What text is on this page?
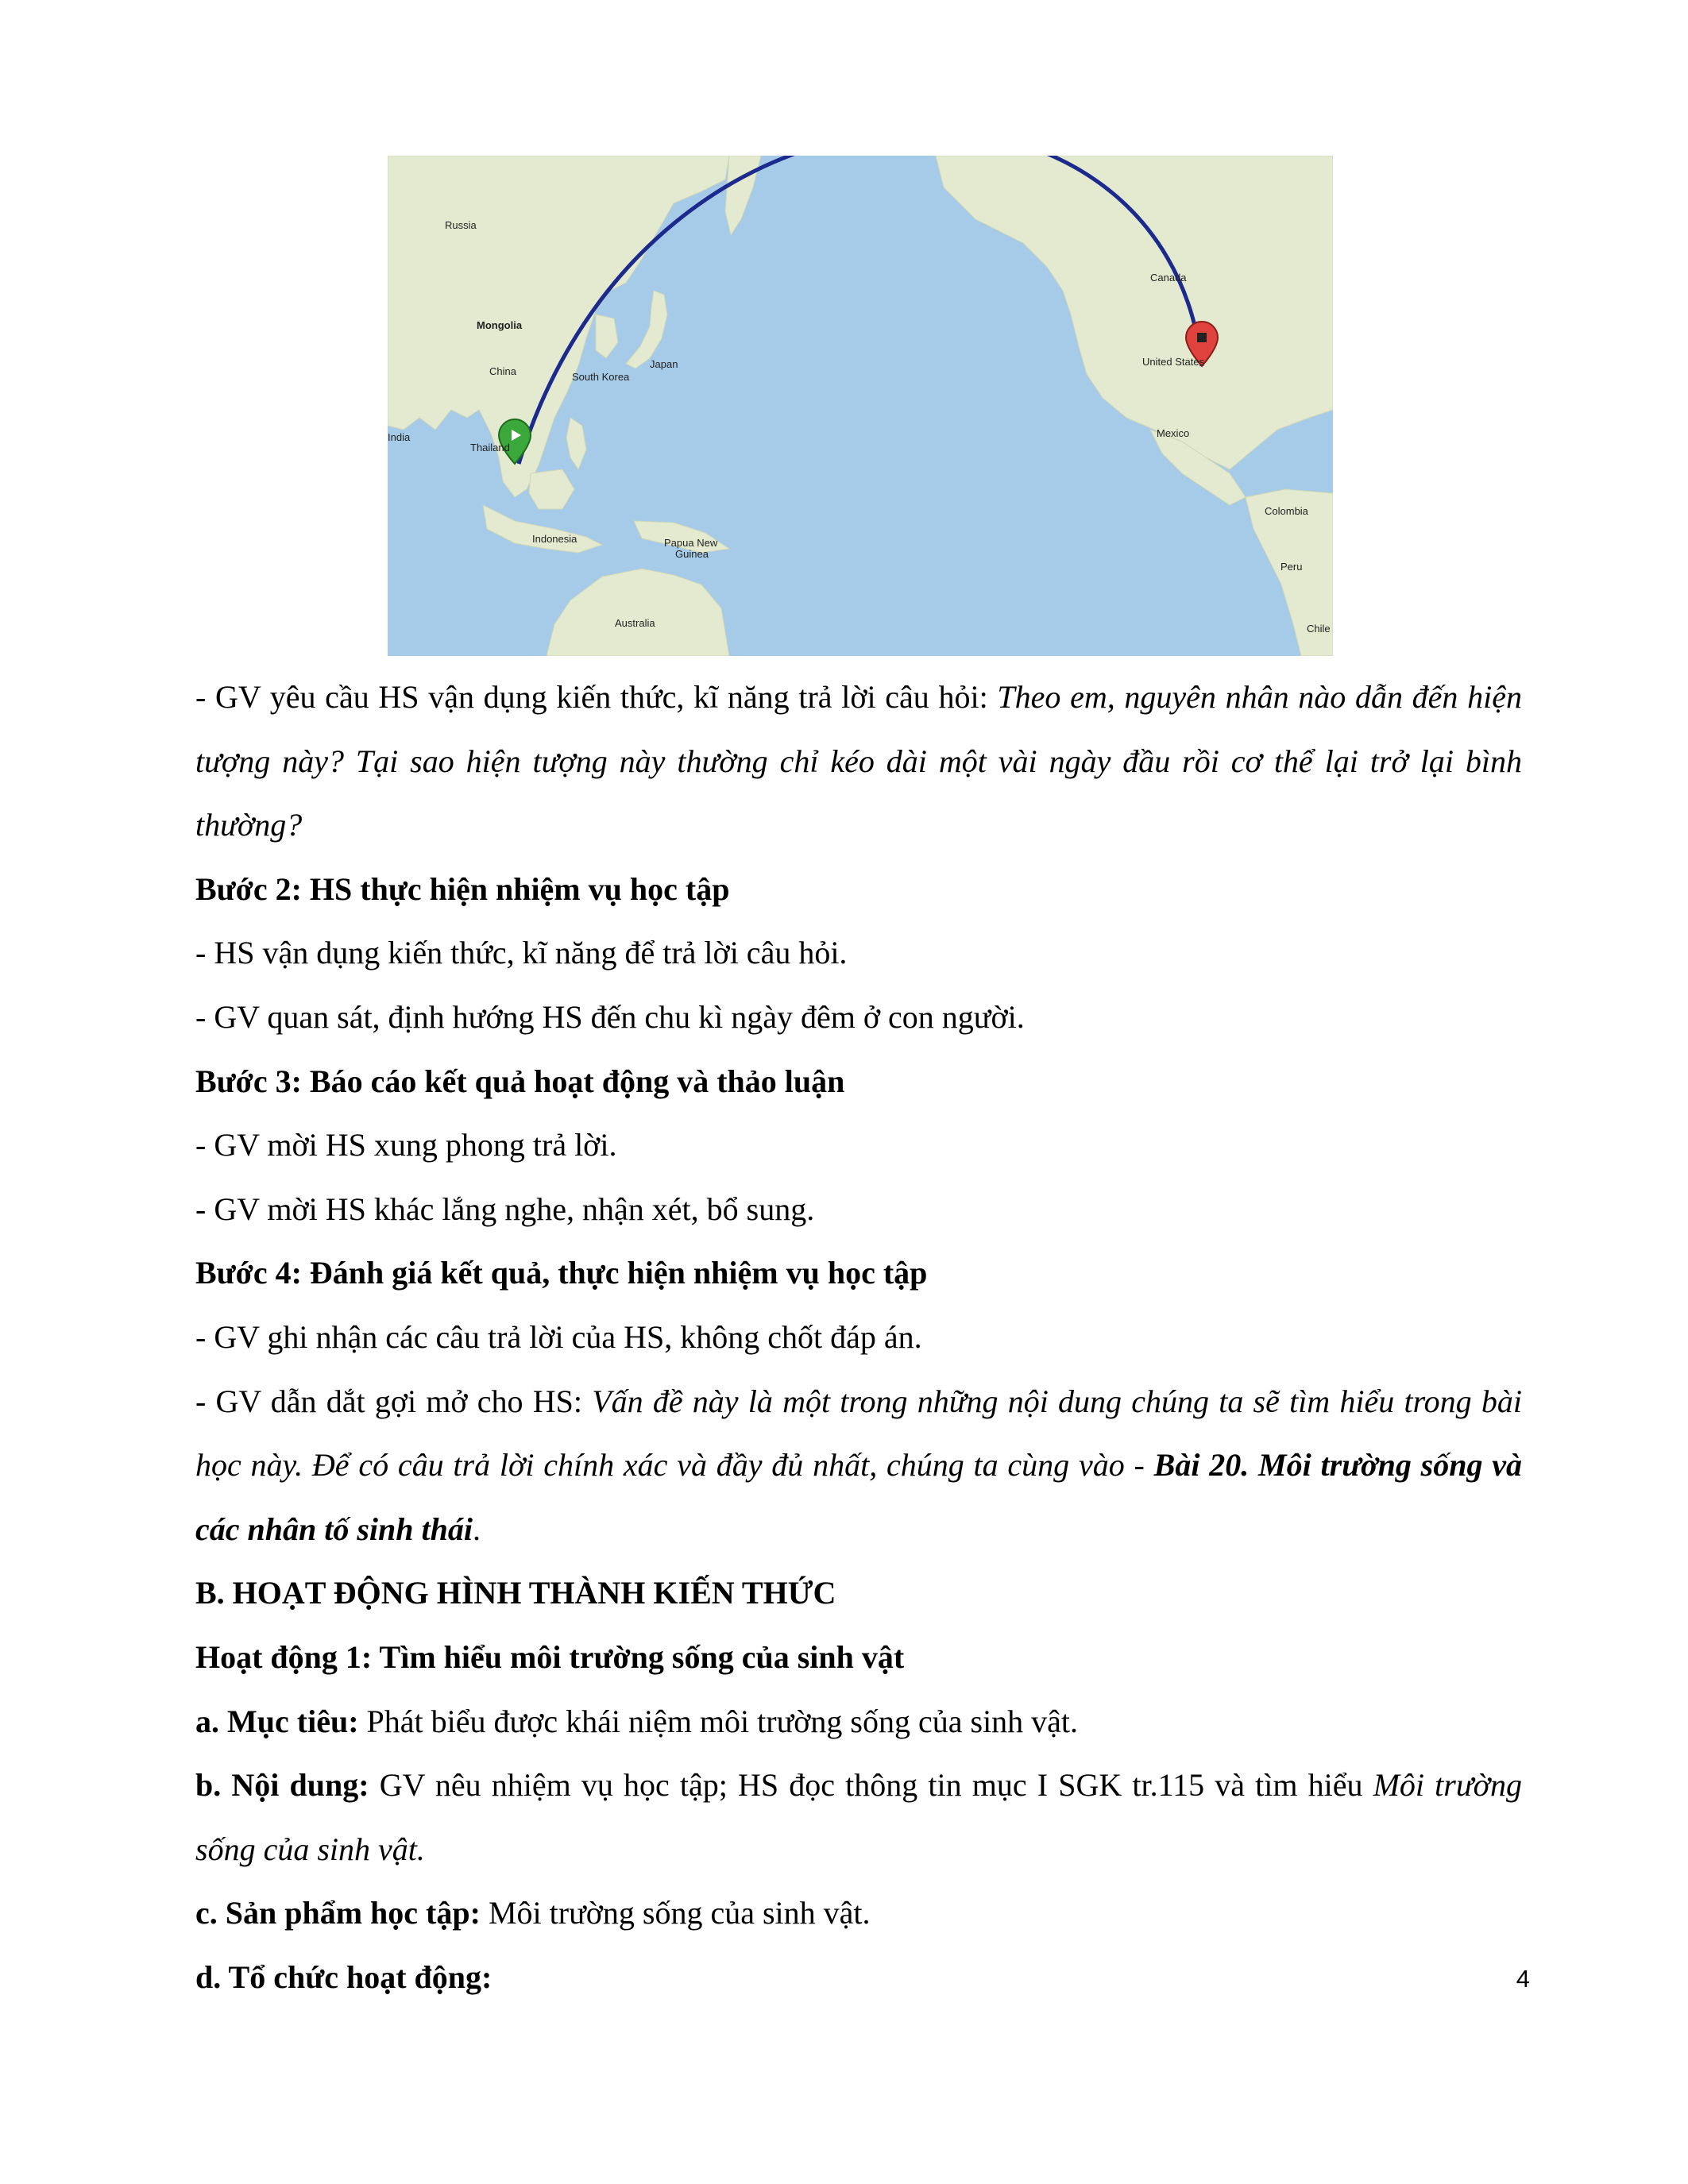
Russia
Mongolia
China	South Korea
Japan
India
Thailand
Indonesia	Papua New
Guinea
Australia
Canada
United States
Mexico
Colombia
Peru
Chile

- GV yêu cầu HS vận dụng kiến thức, kĩ năng trả lời câu hỏi: Theo em, nguyên nhân nào dẫn đến hiện tượng này? Tại sao hiện tượng này thường chỉ kéo dài một vài ngày đầu rồi cơ thể lại trở lại bình thường?

Bước 2: HS thực hiện nhiệm vụ học tập

- HS vận dụng kiến thức, kĩ năng để trả lời câu hỏi.

- GV quan sát, định hướng HS đến chu kì ngày đêm ở con người.

Bước 3: Báo cáo kết quả hoạt động và thảo luận

- GV mời HS xung phong trả lời.

- GV mời HS khác lắng nghe, nhận xét, bổ sung.

Bước 4: Đánh giá kết quả, thực hiện nhiệm vụ học tập

- GV ghi nhận các câu trả lời của HS, không chốt đáp án.

- GV dẫn dắt gợi mở cho HS: Vấn đề này là một trong những nội dung chúng ta sẽ tìm hiểu trong bài học này. Để có câu trả lời chính xác và đầy đủ nhất, chúng ta cùng vào - Bài 20. Môi trường sống và các nhân tố sinh thái.

B. HOẠT ĐỘNG HÌNH THÀNH KIẾN THỨC

Hoạt động 1: Tìm hiểu môi trường sống của sinh vật

a. Mục tiêu: Phát biểu được khái niệm môi trường sống của sinh vật.

b. Nội dung: GV nêu nhiệm vụ học tập; HS đọc thông tin mục I SGK tr.115 và tìm hiểu Môi trường sống của sinh vật.

c. Sản phẩm học tập: Môi trường sống của sinh vật.

d. Tổ chức hoạt động:	4
